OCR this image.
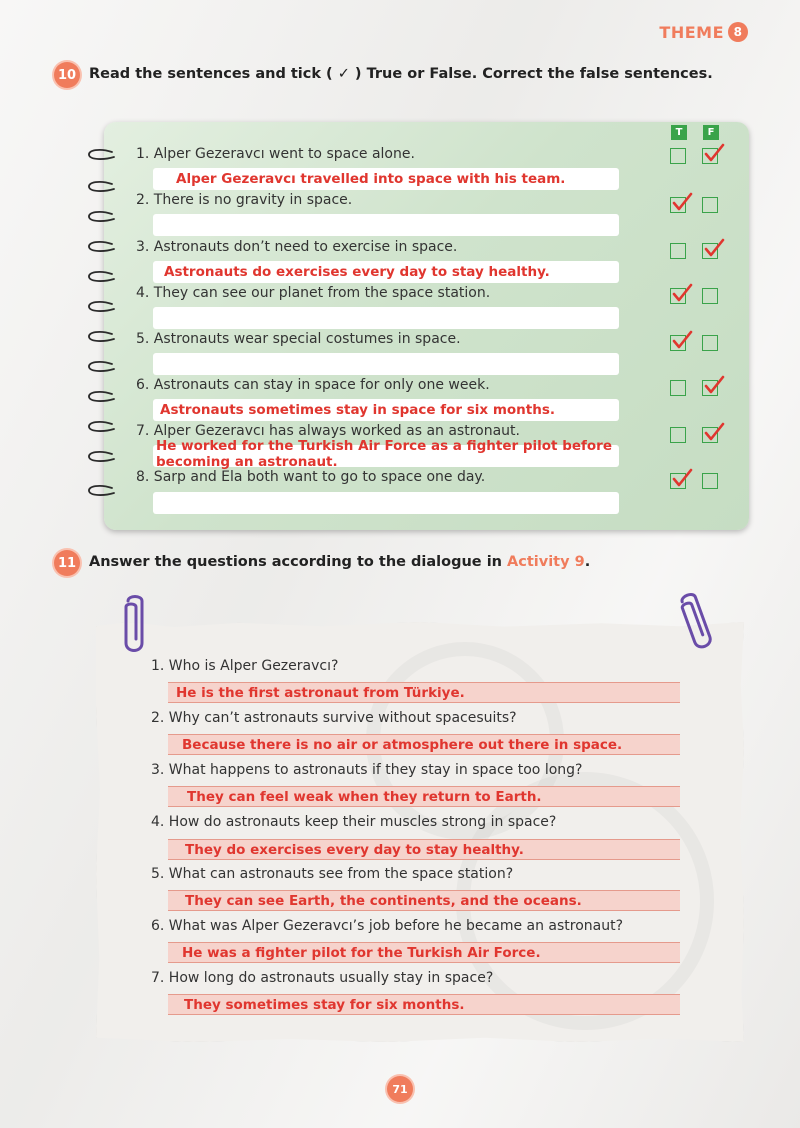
THEME 8
10 Read the sentences and tick ( ✓ ) True or False. Correct the false sentences.
T	F
1. Alper Gezeravcı went to space alone.
Alper Gezeravcı travelled into space with his team.
2. There is no gravity in space.
3. Astronauts don’t need to exercise in space.
Astronauts do exercises every day to stay healthy.
4. They can see our planet from the space station.
5. Astronauts wear special costumes in space.
6. Astronauts can stay in space for only one week.
Astronauts sometimes stay in space for six months.
7. Alper Gezeravcı has always worked as an astronaut.
He worked for the Turkish Air Force as a fighter pilot before becoming an astronaut.
8. Sarp and Ela both want to go to space one day.
11 Answer the questions according to the dialogue in Activity 9.
1. Who is Alper Gezeravcı?
He is the first astronaut from Türkiye.
2. Why can’t astronauts survive without spacesuits?
Because there is no air or atmosphere out there in space.
3. What happens to astronauts if they stay in space too long?
They can feel weak when they return to Earth.
4. How do astronauts keep their muscles strong in space?
They do exercises every day to stay healthy.
5. What can astronauts see from the space station?
They can see Earth, the continents, and the oceans.
6. What was Alper Gezeravcı’s job before he became an astronaut?
He was a fighter pilot for the Turkish Air Force.
7. How long do astronauts usually stay in space?
They sometimes stay for six months.
71
